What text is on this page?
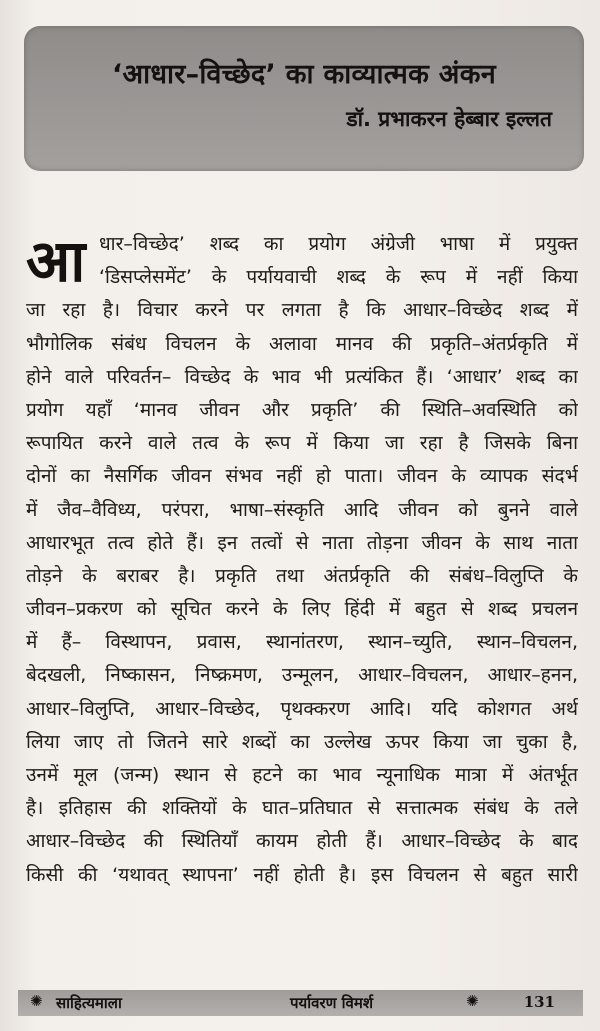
‘आधार–विच्छेद’ का काव्यात्मक अंकन
डॉ. प्रभाकरन हेब्बार इल्लत
आ धार–विच्छेद’ शब्द का प्रयोग अंग्रेजी भाषा में प्रयुक्त
‘डिसप्लेसमेंट’ के पर्यायवाची शब्द के रूप में नहीं किया
जा रहा है। विचार करने पर लगता है कि आधार–विच्छेद शब्द में
भौगोलिक संबंध विचलन के अलावा मानव की प्रकृति–अंतर्प्रकृति में
होने वाले परिवर्तन– विच्छेद के भाव भी प्रत्यंकित हैं। ‘आधार’ शब्द का
प्रयोग यहाँ ‘मानव जीवन और प्रकृति’ की स्थिति–अवस्थिति को
रूपायित करने वाले तत्व के रूप में किया जा रहा है जिसके बिना
दोनों का नैसर्गिक जीवन संभव नहीं हो पाता। जीवन के व्यापक संदर्भ
में जैव–वैविध्य, परंपरा, भाषा–संस्कृति आदि जीवन को बुनने वाले
आधारभूत तत्व होते हैं। इन तत्वों से नाता तोड़ना जीवन के साथ नाता
तोड़ने के बराबर है। प्रकृति तथा अंतर्प्रकृति की संबंध–विलुप्ति के
जीवन–प्रकरण को सूचित करने के लिए हिंदी में बहुत से शब्द प्रचलन
में हैं– विस्थापन, प्रवास, स्थानांतरण, स्थान–च्युति, स्थान–विचलन,
बेदखली, निष्कासन, निष्क्रमण, उन्मूलन, आधार–विचलन, आधार–हनन,
आधार–विलुप्ति, आधार–विच्छेद, पृथक्करण आदि। यदि कोशगत अर्थ
लिया जाए तो जितने सारे शब्दों का उल्लेख ऊपर किया जा चुका है,
उनमें मूल (जन्म) स्थान से हटने का भाव न्यूनाधिक मात्रा में अंतर्भूत
है। इतिहास की शक्तियों के घात–प्रतिघात से सत्तात्मक संबंध के तले
आधार–विच्छेद की स्थितियाँ कायम होती हैं। आधार–विच्छेद के बाद
किसी की ‘यथावत् स्थापना’ नहीं होती है। इस विचलन से बहुत सारी
✺ साहित्यमाला	पर्यावरण विमर्श	✺	131
